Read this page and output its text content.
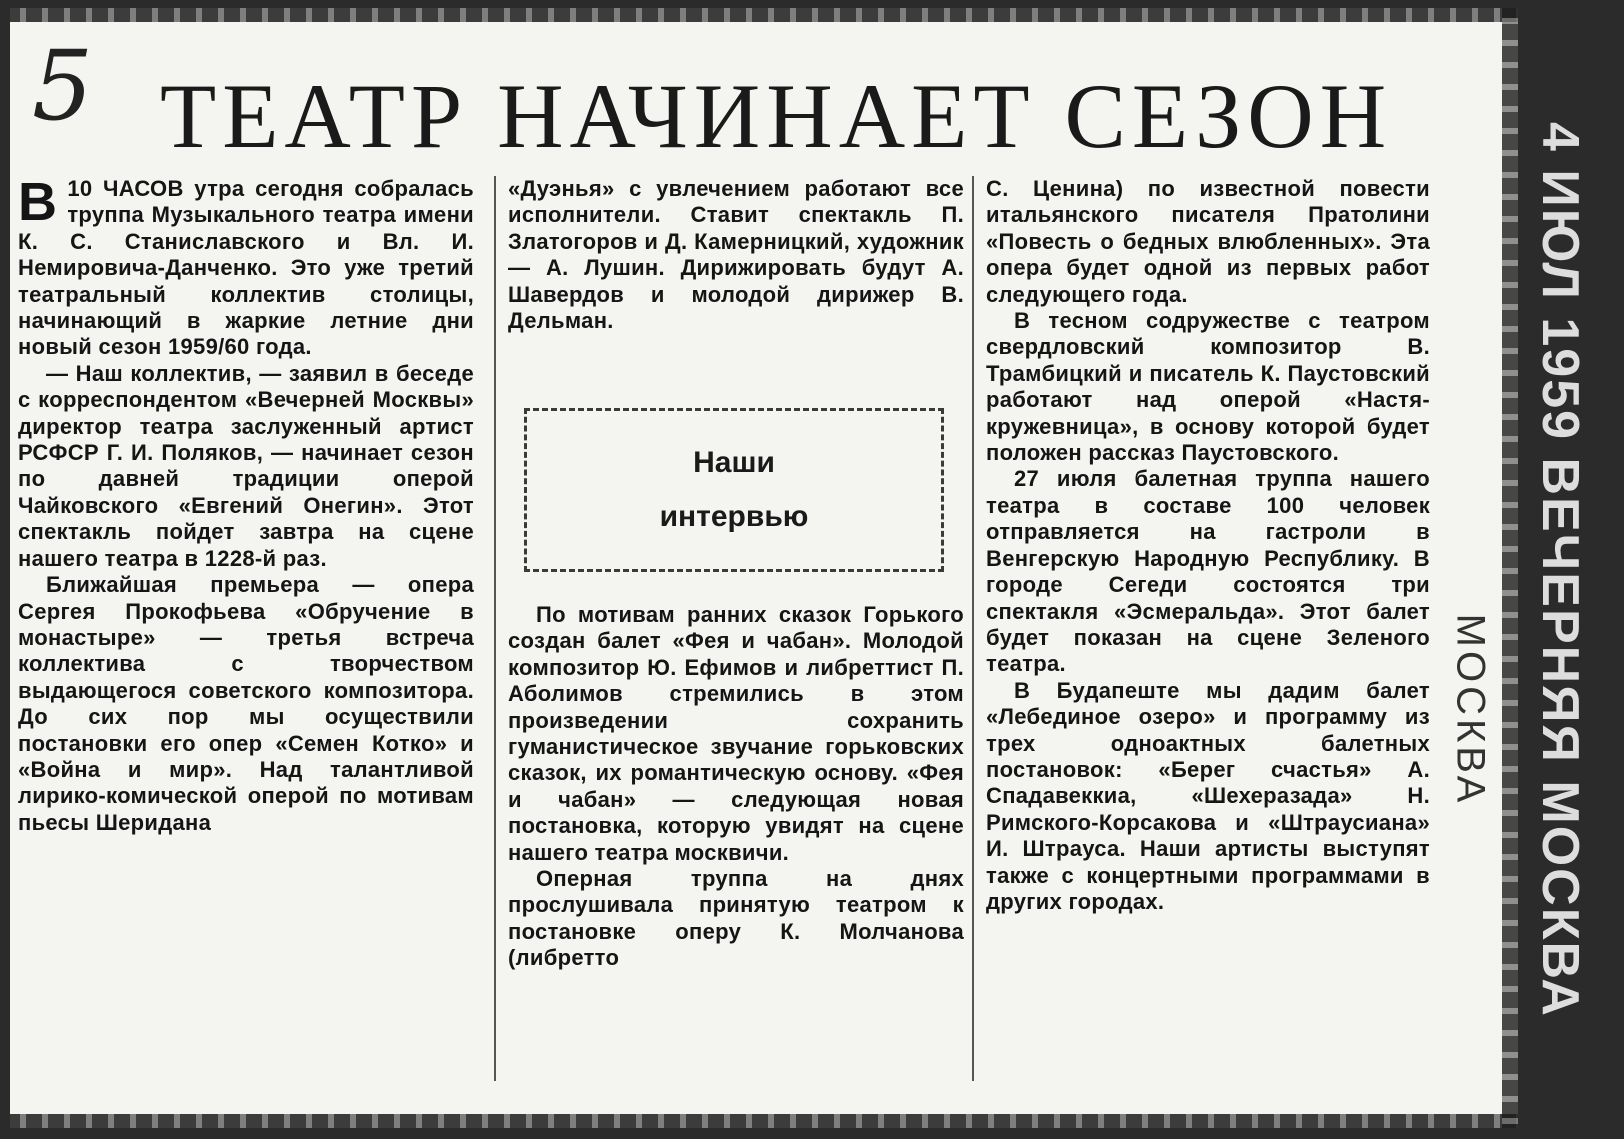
5 ТЕАТР НАЧИНАЕТ СЕЗОН

В 10 ЧАСОВ утра сегодня собралась труппа Музыкального театра имени К. С. Станиславского и Вл. И. Немировича-Данченко. Это уже третий театральный коллектив столицы, начинающий в жаркие летние дни новый сезон 1959/60 года.

— Наш коллектив, — заявил в беседе с корреспондентом «Вечерней Москвы» директор театра заслуженный артист РСФСР Г. И. Поляков, — начинает сезон по давней традиции оперой Чайковского «Евгений Онегин». Этот спектакль пойдет завтра на сцене нашего театра в 1228-й раз.

Ближайшая премьера — опера Сергея Прокофьева «Обручение в монастыре» — третья встреча коллектива с творчеством выдающегося советского композитора. До сих пор мы осуществили постановки его опер «Семен Котко» и «Война и мир». Над талантливой лирико-комической оперой по мотивам пьесы Шеридана

«Дуэнья» с увлечением работают все исполнители. Ставит спектакль П. Златогоров и Д. Камерницкий, художник — А. Лушин. Дирижировать будут А. Шавердов и молодой дирижер В. Дельман.

По мотивам ранних сказок Горького создан балет «Фея и чабан». Молодой композитор Ю. Ефимов и либреттист П. Аболимов стремились в этом произведении сохранить гуманистическое звучание горьковских сказок, их романтическую основу. «Фея и чабан» — следующая новая постановка, которую увидят на сцене нашего театра москвичи.

Оперная труппа на днях прослушивала принятую театром к постановке оперу К. Молчанова (либретто

Наши
интервью

С. Ценина) по известной повести итальянского писателя Пратолини «Повесть о бедных влюбленных». Эта опера будет одной из первых работ следующего года.

В тесном содружестве с театром свердловский композитор В. Трамбицкий и писатель К. Паустовский работают над оперой «Настя-кружевница», в основу которой будет положен рассказ Паустовского.

27 июля балетная труппа нашего театра в составе 100 человек отправляется на гастроли в Венгерскую Народную Республику. В городе Сегеди состоятся три спектакля «Эсмеральда». Этот балет будет показан на сцене Зеленого театра.

В Будапеште мы дадим балет «Лебединое озеро» и программу из трех одноактных балетных постановок: «Берег счастья» А. Спадавеккиа, «Шехеразада» Н. Римского-Корсакова и «Штраусиана» И. Штрауса. Наши артисты выступят также с концертными программами в других городах.

4 ИЮЛ 1959 ВЕЧЕРНЯЯ МОСКВА
МОСКВА
